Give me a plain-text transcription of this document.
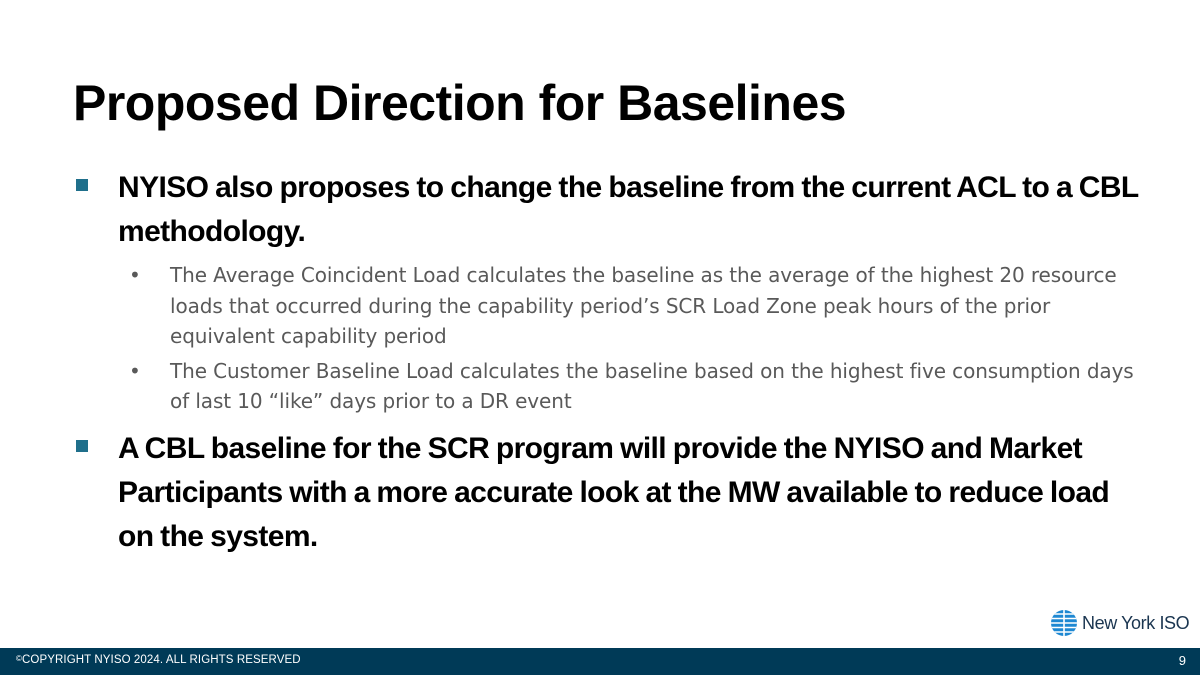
Proposed Direction for Baselines
NYISO also proposes to change the baseline from the current ACL to a CBL methodology.
• The Average Coincident Load calculates the baseline as the average of the highest 20 resource loads that occurred during the capability period’s SCR Load Zone peak hours of the prior equivalent capability period
• The Customer Baseline Load calculates the baseline based on the highest five consumption days of last 10 “like” days prior to a DR event
A CBL baseline for the SCR program will provide the NYISO and Market Participants with a more accurate look at the MW available to reduce load on the system.
New York ISO
©COPYRIGHT NYISO 2024. ALL RIGHTS RESERVED	9
